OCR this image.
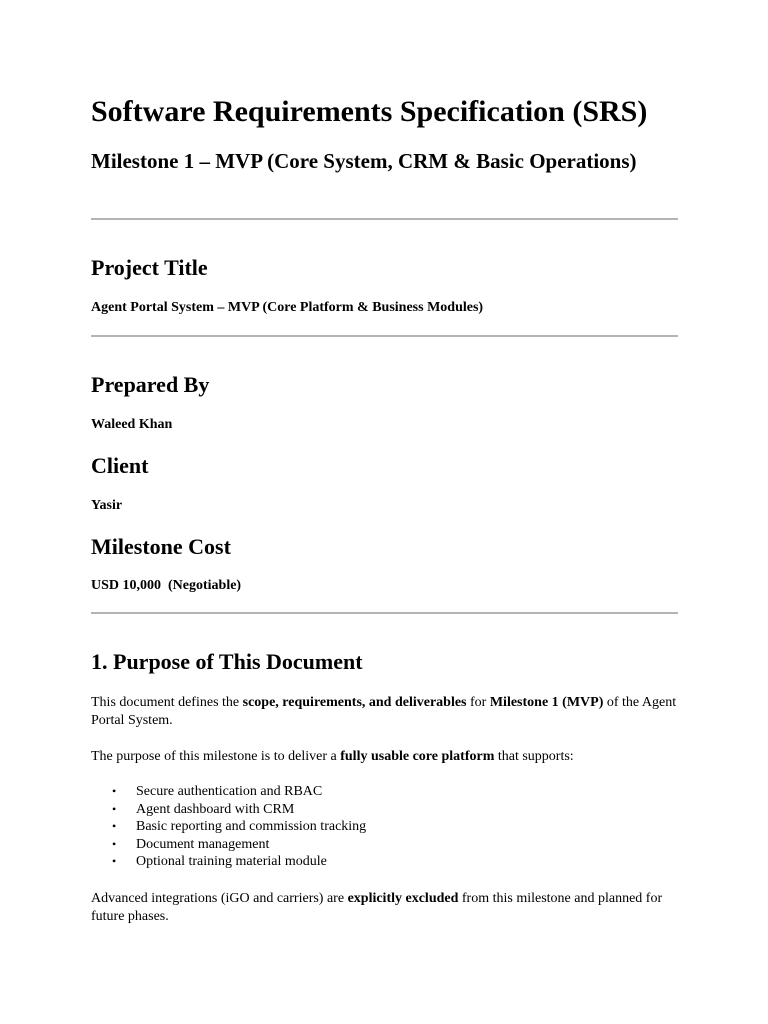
Software Requirements Specification (SRS)
Milestone 1 – MVP (Core System, CRM & Basic Operations)
Project Title

Agent Portal System – MVP (Core Platform & Business Modules)

Prepared By

Waleed Khan

Client

Yasir

Milestone Cost

USD 10,000  (Negotiable)

1. Purpose of This Document

This document defines the scope, requirements, and deliverables for Milestone 1 (MVP) of the Agent Portal System.

The purpose of this milestone is to deliver a fully usable core platform that supports:

• Secure authentication and RBAC
• Agent dashboard with CRM
• Basic reporting and commission tracking
• Document management
• Optional training material module

Advanced integrations (iGO and carriers) are explicitly excluded from this milestone and planned for future phases.
